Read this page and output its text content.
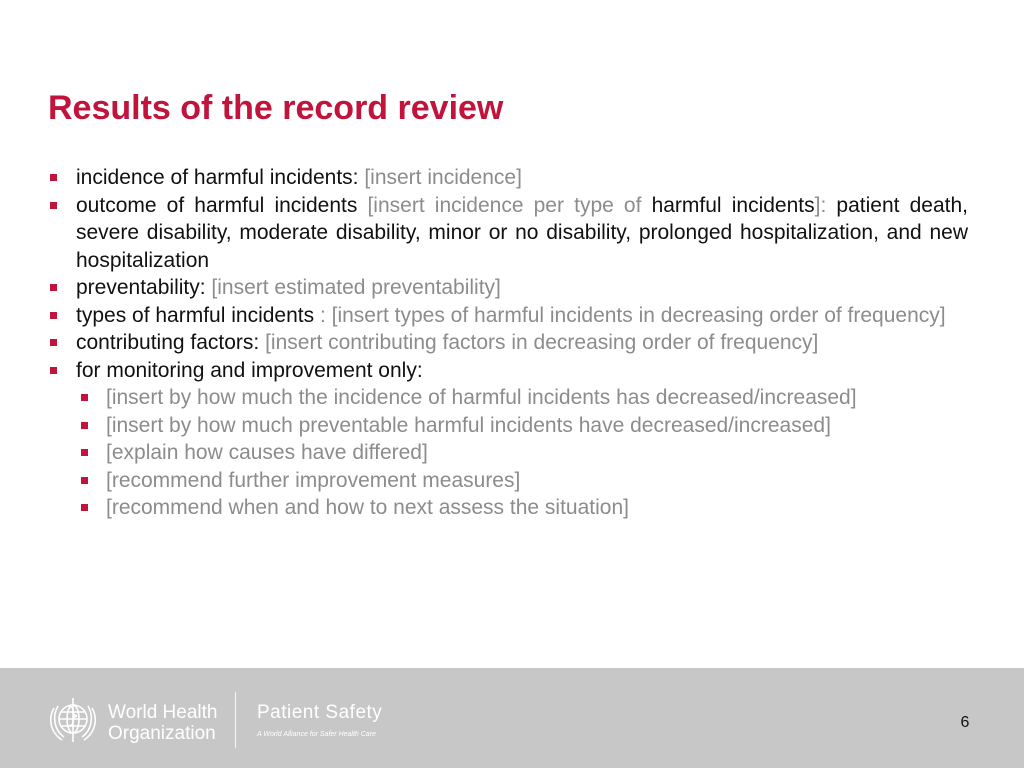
Results of the record review
incidence of harmful incidents: [insert incidence]
outcome of harmful incidents [insert incidence per type of harmful incidents]: patient death, severe disability, moderate disability, minor or no disability, prolonged hospitalization, and new hospitalization
preventability: [insert estimated preventability]
types of harmful incidents : [insert types of harmful incidents in decreasing order of frequency]
contributing factors: [insert contributing factors in decreasing order of frequency]
for monitoring and improvement only:
[insert by how much the incidence of harmful incidents has decreased/increased]
[insert by how much preventable harmful incidents have decreased/increased]
[explain how causes have differed]
[recommend further improvement measures]
[recommend when and how to next assess the situation]
World Health
Organization
Patient Safety
A World Alliance for Safer Health Care
6
